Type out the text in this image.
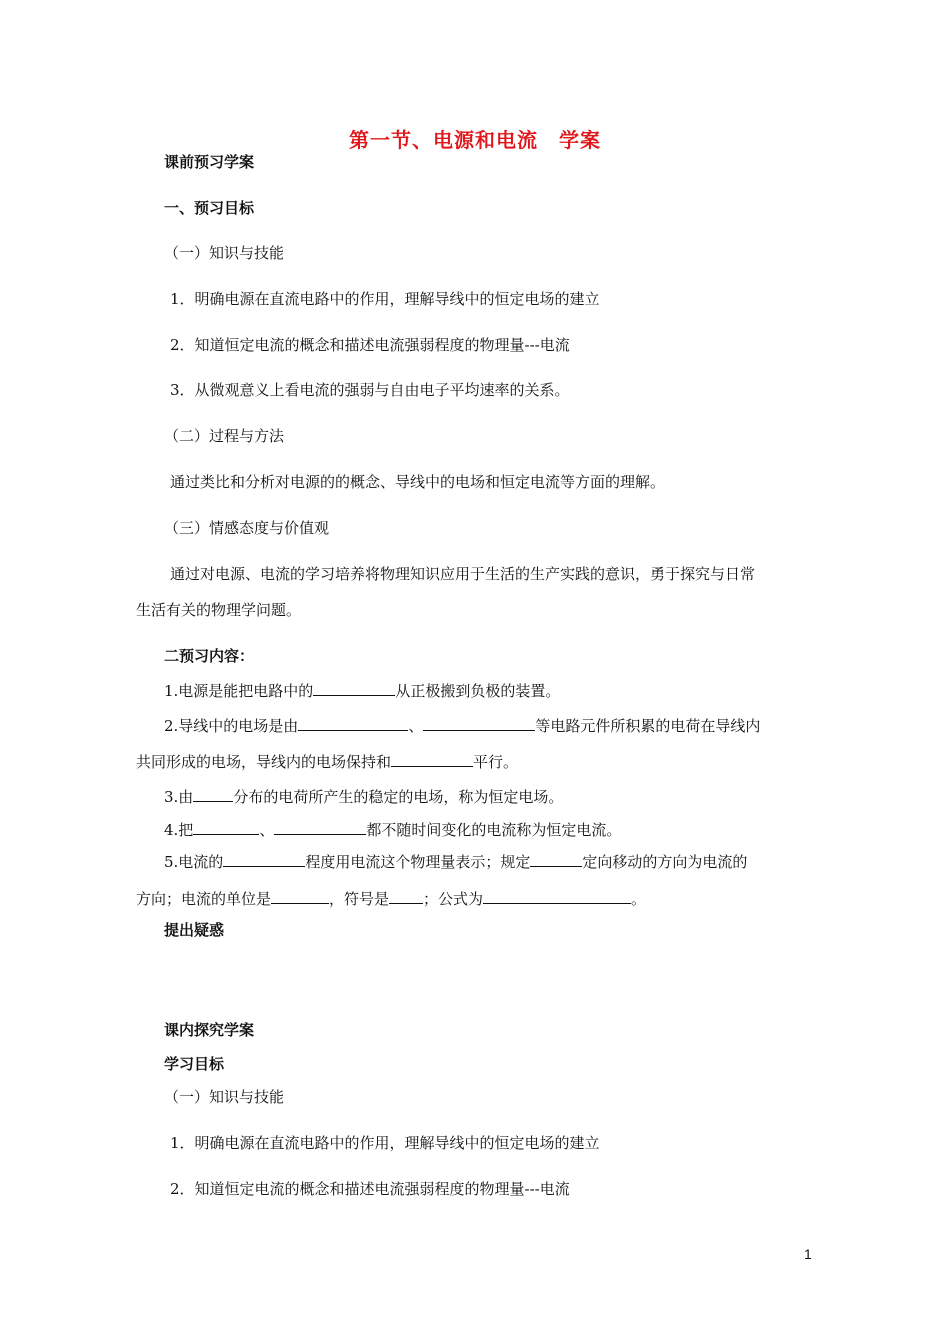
第一节、电源和电流　学案
课前预习学案
一、预习目标
（一）知识与技能
1．明确电源在直流电路中的作用，理解导线中的恒定电场的建立
2．知道恒定电流的概念和描述电流强弱程度的物理量---电流
3．从微观意义上看电流的强弱与自由电子平均速率的关系。
（二）过程与方法
通过类比和分析对电源的的概念、导线中的电场和恒定电流等方面的理解。
（三）情感态度与价值观
通过对电源、电流的学习培养将物理知识应用于生活的生产实践的意识，勇于探究与日常
生活有关的物理学问题。
二预习内容：
1.电源是能把电路中的	从正极搬到负极的装置。
2.导线中的电场是由	、	等电路元件所积累的电荷在导线内
共同形成的电场，导线内的电场保持和	平行。
3.由	分布的电荷所产生的稳定的电场，称为恒定电场。
4.把	、	都不随时间变化的电流称为恒定电流。
5.电流的	程度用电流这个物理量表示；规定	定向移动的方向为电流的
方向；电流的单位是	，符号是 ；公式为	。
提出疑惑
课内探究学案
学习目标
（一）知识与技能
1．明确电源在直流电路中的作用，理解导线中的恒定电场的建立
2．知道恒定电流的概念和描述电流强弱程度的物理量---电流
1
